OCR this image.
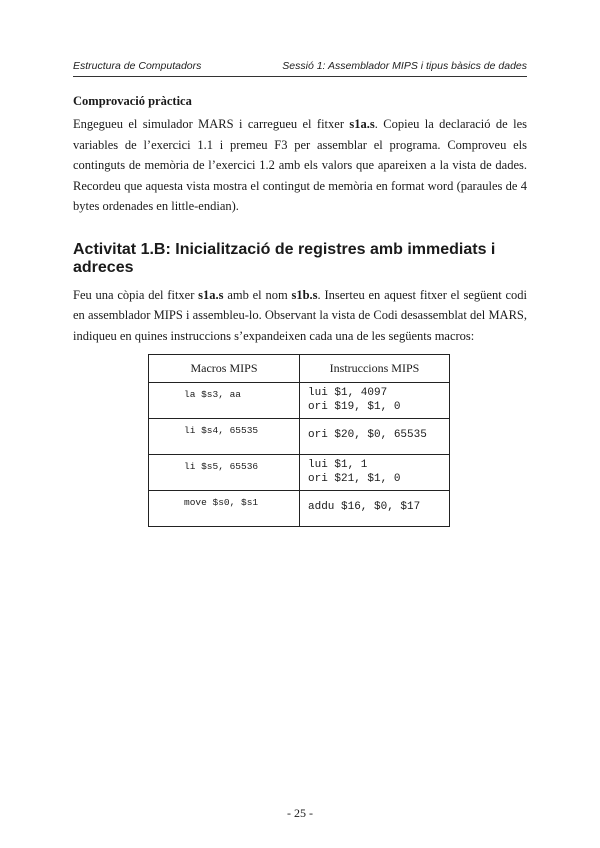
Estructura de Computadors	Sessió 1: Assemblador MIPS i tipus bàsics de dades
Comprovació pràctica

Engegueu el simulador MARS i carregueu el fitxer s1a.s. Copieu la declaració de les variables de l’exercici 1.1 i premeu F3 per assemblar el programa. Comproveu els continguts de memòria de l’exercici 1.2 amb els valors que apareixen a la vista de dades. Recordeu que aquesta vista mostra el contingut de memòria en format word (paraules de 4 bytes ordenades en little-endian).

Activitat 1.B: Inicialització de registres amb immediats i adreces

Feu una còpia del fitxer s1a.s amb el nom s1b.s. Inserteu en aquest fitxer el següent codi en assemblador MIPS i assembleu-lo. Observant la vista de Codi desassemblat del MARS, indiqueu en quines instruccions s’expandeixen cada una de les següents macros:

Macros MIPS	Instruccions MIPS

la $s3, aa	lui $1, 4097
ori $19, $1, 0

li $s4, 65535	ori $20, $0, 65535

li $s5, 65536	lui $1, 1
ori $21, $1, 0

move $s0, $s1	addu $16, $0, $17
- 25 -
